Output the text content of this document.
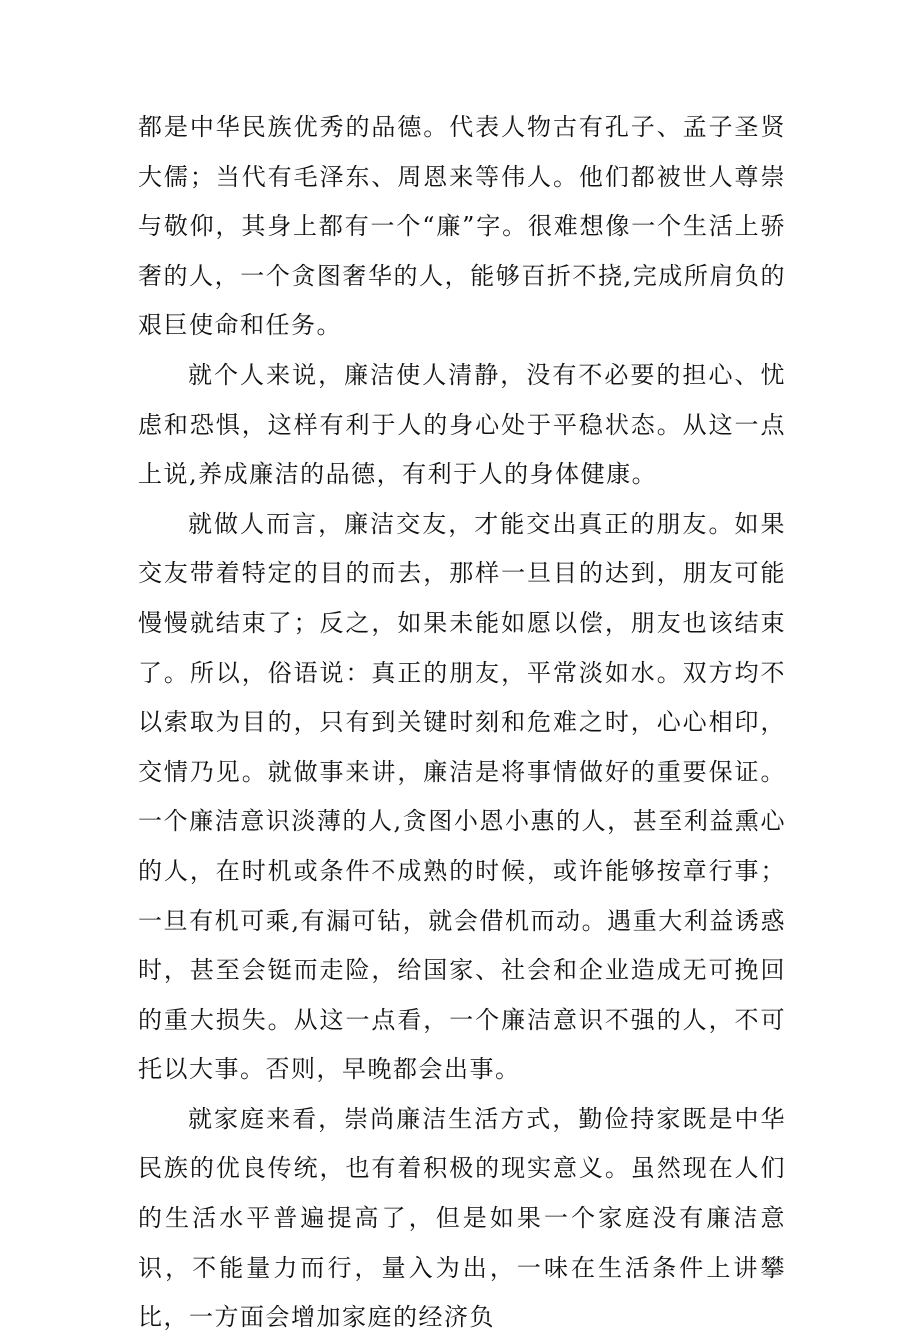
都是中华民族优秀的品德。代表人物古有孔子、孟子圣贤大儒；当代有毛泽东、周恩来等伟人。他们都被世人尊崇与敬仰，其身上都有一个“廉”字。很难想像一个生活上骄奢的人，一个贪图奢华的人，能够百折不挠,完成所肩负的艰巨使命和任务。

就个人来说，廉洁使人清静，没有不必要的担心、忧虑和恐惧，这样有利于人的身心处于平稳状态。从这一点上说,养成廉洁的品德，有利于人的身体健康。

就做人而言，廉洁交友，才能交出真正的朋友。如果交友带着特定的目的而去，那样一旦目的达到，朋友可能慢慢就结束了；反之，如果未能如愿以偿，朋友也该结束了。所以，俗语说：真正的朋友，平常淡如水。双方均不以索取为目的，只有到关键时刻和危难之时，心心相印，交情乃见。就做事来讲，廉洁是将事情做好的重要保证。一个廉洁意识淡薄的人,贪图小恩小惠的人，甚至利益熏心的人，在时机或条件不成熟的时候，或许能够按章行事；一旦有机可乘,有漏可钻，就会借机而动。遇重大利益诱惑时，甚至会铤而走险，给国家、社会和企业造成无可挽回的重大损失。从这一点看，一个廉洁意识不强的人，不可托以大事。否则，早晚都会出事。

就家庭来看，崇尚廉洁生活方式，勤俭持家既是中华民族的优良传统，也有着积极的现实意义。虽然现在人们的生活水平普遍提高了，但是如果一个家庭没有廉洁意识，不能量力而行，量入为出，一味在生活条件上讲攀比，一方面会增加家庭的经济负
